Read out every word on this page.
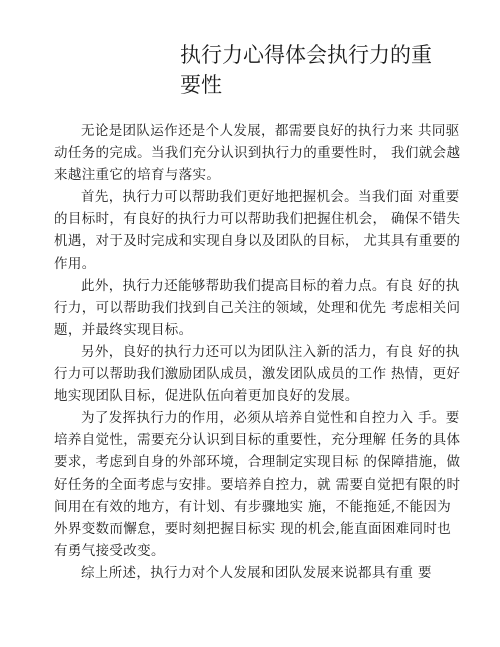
执行力心得体会执行力的重要性

无论是团队运作还是个人发展，都需要良好的执行力来 共同驱动任务的完成。当我们充分认识到执行力的重要性时， 我们就会越来越注重它的培育与落实。

首先，执行力可以帮助我们更好地把握机会。当我们面 对重要的目标时，有良好的执行力可以帮助我们把握住机会， 确保不错失机遇，对于及时完成和实现自身以及团队的目标， 尤其具有重要的作用。

此外，执行力还能够帮助我们提高目标的着力点。有良 好的执行力，可以帮助我们找到自己关注的领域，处理和优先 考虑相关问题，并最终实现目标。

另外，良好的执行力还可以为团队注入新的活力，有良 好的执行力可以帮助我们激励团队成员，激发团队成员的工作 热情，更好地实现团队目标，促进队伍向着更加良好的发展。

为了发挥执行力的作用，必须从培养自觉性和自控力入 手。要培养自觉性，需要充分认识到目标的重要性，充分理解 任务的具体要求，考虑到自身的外部环境，合理制定实现目标 的保障措施，做好任务的全面考虑与安排。要培养自控力，就 需要自觉把有限的时间用在有效的地方，有计划、有步骤地实 施，不能拖延,不能因为外界变数而懈怠，要时刻把握目标实 现的机会,能直面困难同时也有勇气接受改变。

综上所述，执行力对个人发展和团队发展来说都具有重 要
